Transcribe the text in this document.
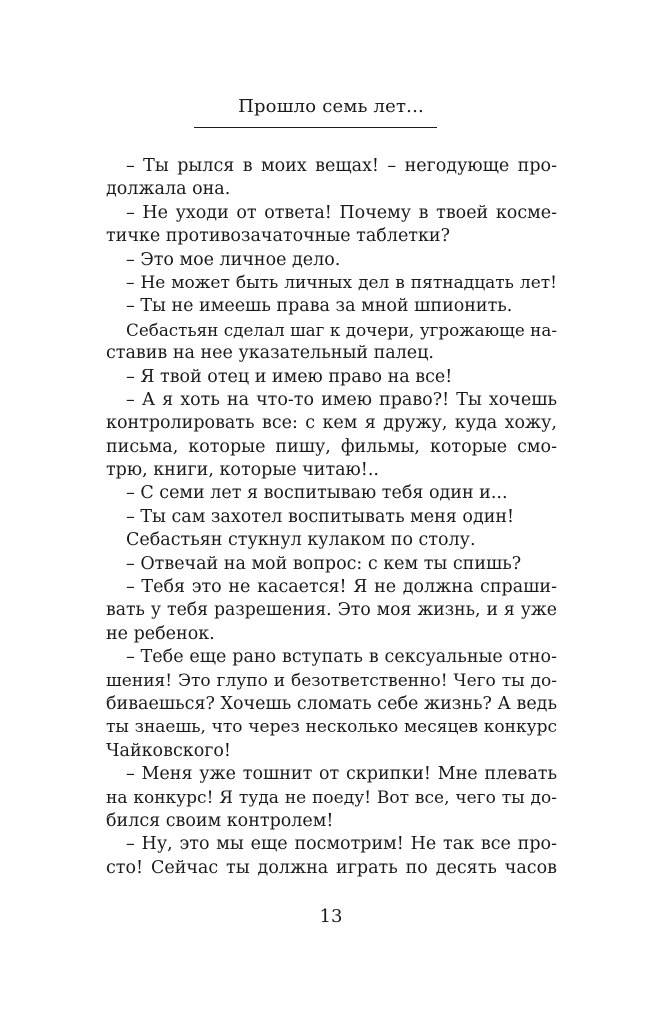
Прошло семь лет...
– Ты рылся в моих вещах! – негодующе про-
должала она.
– Не уходи от ответа! Почему в твоей космe-
тичке противозачаточные таблетки?
– Это мое личное дело.
– Не может быть личных дел в пятнадцать лет!
– Ты не имеешь права за мной шпионить.
Себастьян сделал шаг к дочери, угрожающе на-
ставив на нее указательный палец.
– Я твой отец и имею право на все!
– А я хоть на что-то имею право?! Ты хочешь
контролировать все: с кем я дружу, куда хожу,
письма, которые пишу, фильмы, которые смо-
трю, книги, которые читаю!..
– С семи лет я воспитываю тебя один и...
– Ты сам захотел воспитывать меня один!
Себастьян стукнул кулаком по столу.
– Отвечай на мой вопрос: с кем ты спишь?
– Тебя это не касается! Я не должна спраши-
вать у тебя разрешения. Это моя жизнь, и я уже
не ребенок.
– Тебе еще рано вступать в сексуальные отно-
шения! Это глупо и безответственно! Чего ты до-
биваешься? Хочешь сломать себе жизнь? А ведь
ты знаешь, что через несколько месяцев конкурс
Чайковского!
– Меня уже тошнит от скрипки! Мне плевать
на конкурс! Я туда не поеду! Вот все, чего ты до-
бился своим контролем!
– Ну, это мы еще посмотрим! Не так все про-
сто! Сейчас ты должна играть по десять часов
13
